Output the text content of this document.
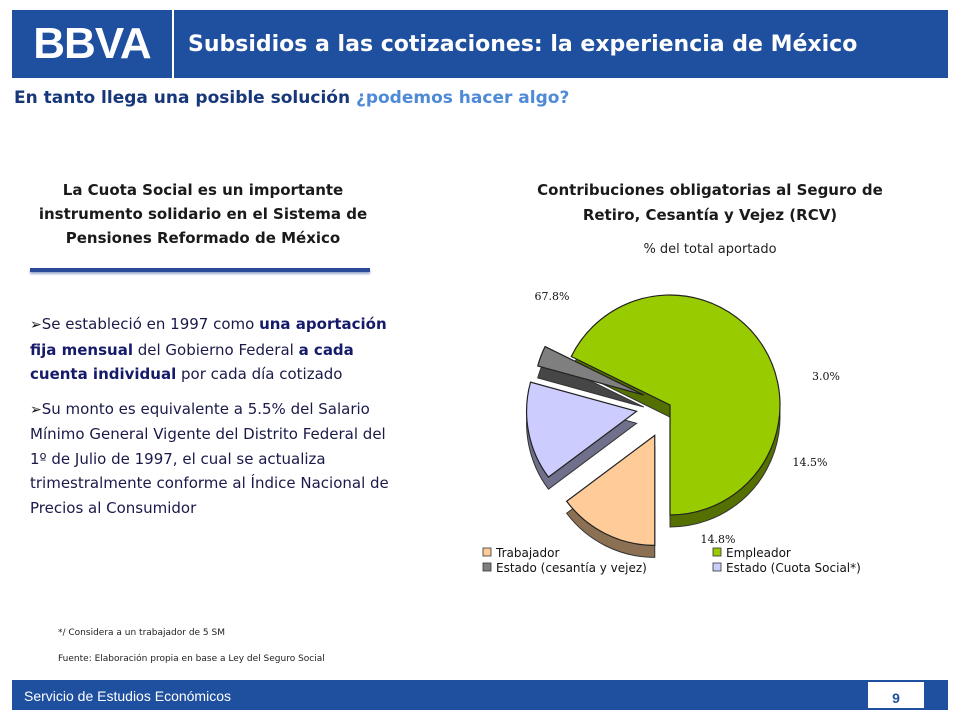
BBVA	Subsidios a las cotizaciones: la experiencia de México
En tanto llega una posible solución ¿podemos hacer algo?
La Cuota Social es un importante instrumento solidario en el Sistema de Pensiones Reformado de México

➢Se estableció en 1997 como una aportación fija mensual del Gobierno Federal a cada cuenta individual por cada día cotizado

➢Su monto es equivalente a 5.5% del Salario Mínimo General Vigente del Distrito Federal del 1º de Julio de 1997, el cual se actualiza trimestralmente conforme al Índice Nacional de Precios al Consumidor

*/ Considera a un trabajador de 5 SM
Fuente: Elaboración propia en base a Ley del Seguro Social
Contribuciones obligatorias al Seguro de Retiro, Cesantía y Vejez (RCV)
% del total aportado
67.8%
3.0%
14.5%
14.8%
Trabajador	Empleador
Estado (cesantía y vejez)	Estado (Cuota Social*)
Servicio de Estudios Económicos	9
